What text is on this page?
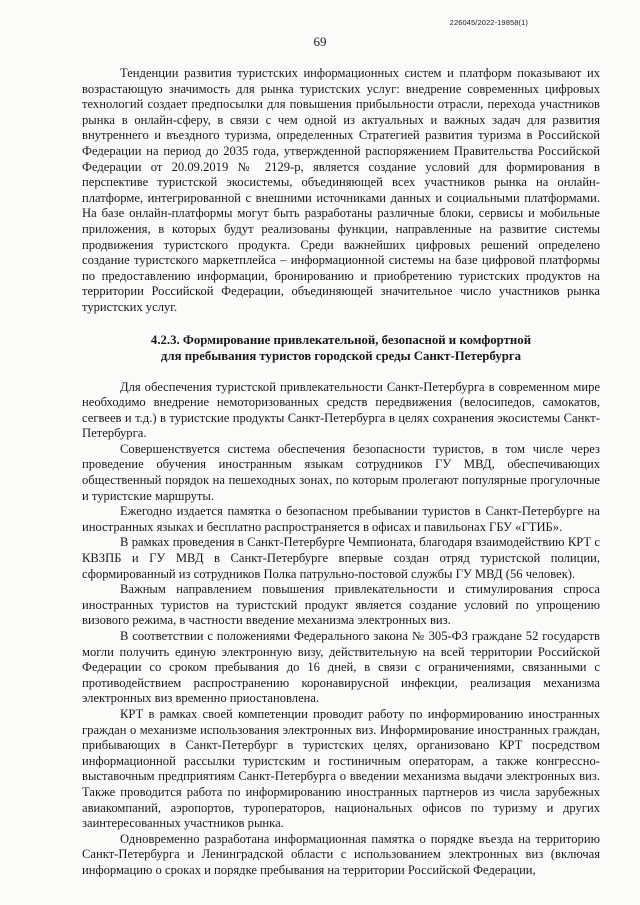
226045/2022-19858(1)
69

Тенденции развития туристских информационных систем и платформ показывают их возрастающую значимость для рынка туристских услуг: внедрение современных цифровых технологий создает предпосылки для повышения прибыльности отрасли, перехода участников рынка в онлайн-сферу, в связи с чем одной из актуальных и важных задач для развития внутреннего и въездного туризма, определенных Стратегией развития туризма в Российской Федерации на период до 2035 года, утвержденной распоряжением Правительства Российской Федерации от 20.09.2019 № 2129-р, является создание условий для формирования в перспективе туристской экосистемы, объединяющей всех участников рынка на онлайн-платформе, интегрированной с внешними источниками данных и социальными платформами. На базе онлайн-платформы могут быть разработаны различные блоки, сервисы и мобильные приложения, в которых будут реализованы функции, направленные на развитие системы продвижения туристского продукта. Среди важнейших цифровых решений определено создание туристского маркетплейса – информационной системы на базе цифровой платформы по предоставлению информации, бронированию и приобретению туристских продуктов на территории Российской Федерации, объединяющей значительное число участников рынка туристских услуг.

4.2.3. Формирование привлекательной, безопасной и комфортной
для пребывания туристов городской среды Санкт-Петербурга

Для обеспечения туристской привлекательности Санкт-Петербурга в современном мире необходимо внедрение немоторизованных средств передвижения (велосипедов, самокатов, сегвеев и т.д.) в туристские продукты Санкт-Петербурга в целях сохранения экосистемы Санкт-Петербурга.

Совершенствуется система обеспечения безопасности туристов, в том числе через проведение обучения иностранным языкам сотрудников ГУ МВД, обеспечивающих общественный порядок на пешеходных зонах, по которым пролегают популярные прогулочные и туристские маршруты.

Ежегодно издается памятка о безопасном пребывании туристов в Санкт-Петербурге на иностранных языках и бесплатно распространяется в офисах и павильонах ГБУ «ГТИБ».

В рамках проведения в Санкт-Петербурге Чемпионата, благодаря взаимодействию КРТ с КВЗПБ и ГУ МВД в Санкт-Петербурге впервые создан отряд туристской полиции, сформированный из сотрудников Полка патрульно-постовой службы ГУ МВД (56 человек).

Важным направлением повышения привлекательности и стимулирования спроса иностранных туристов на туристский продукт является создание условий по упрощению визового режима, в частности введение механизма электронных виз.

В соответствии с положениями Федерального закона № 305-ФЗ граждане 52 государств могли получить единую электронную визу, действительную на всей территории Российской Федерации со сроком пребывания до 16 дней, в связи с ограничениями, связанными с противодействием распространению коронавирусной инфекции, реализация механизма электронных виз временно приостановлена.

КРТ в рамках своей компетенции проводит работу по информированию иностранных граждан о механизме использования электронных виз. Информирование иностранных граждан, прибывающих в Санкт-Петербург в туристских целях, организовано КРТ посредством информационной рассылки туристским и гостиничным операторам, а также конгрессно-выставочным предприятиям Санкт-Петербурга о введении механизма выдачи электронных виз. Также проводится работа по информированию иностранных партнеров из числа зарубежных авиакомпаний, аэропортов, туроператоров, национальных офисов по туризму и других заинтересованных участников рынка.

Одновременно разработана информационная памятка о порядке въезда на территорию Санкт-Петербурга и Ленинградской области с использованием электронных виз (включая информацию о сроках и порядке пребывания на территории Российской Федерации,
